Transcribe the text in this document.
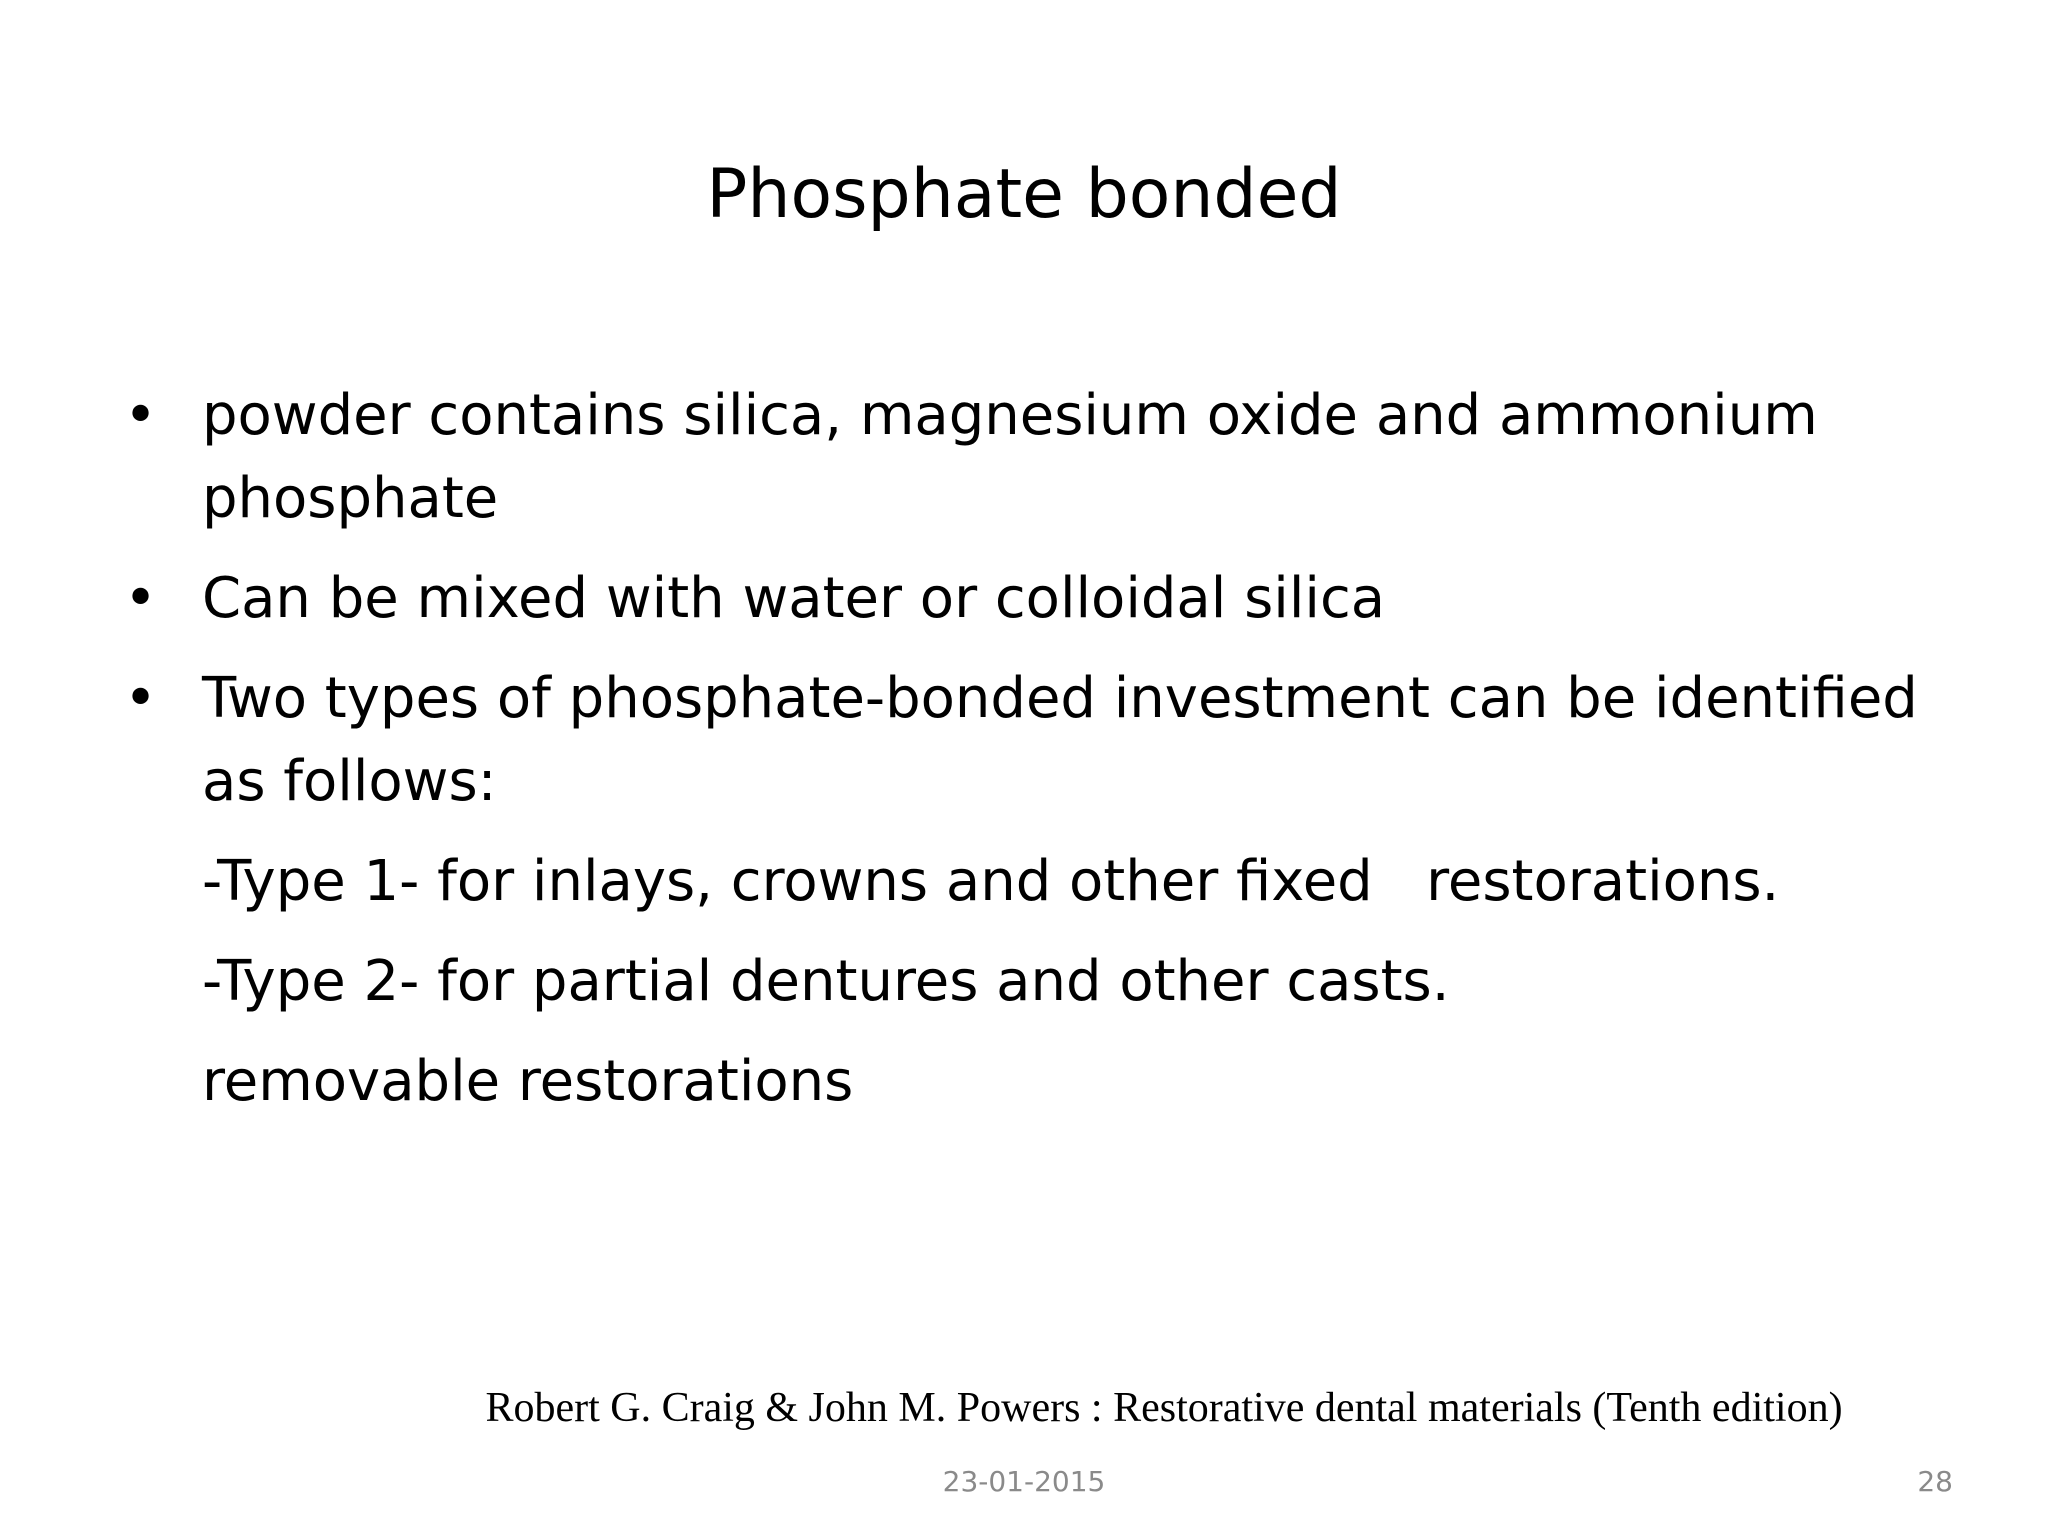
Phosphate bonded
• powder contains silica, magnesium oxide and ammonium phosphate
• Can be mixed with water or colloidal silica
• Two types of phosphate-bonded investment can be identified as follows:
-Type 1- for inlays, crowns and other fixed   restorations.
-Type 2- for partial dentures and other casts.
removable restorations
Robert G. Craig & John M. Powers : Restorative dental materials (Tenth edition)
23-01-2015	28
